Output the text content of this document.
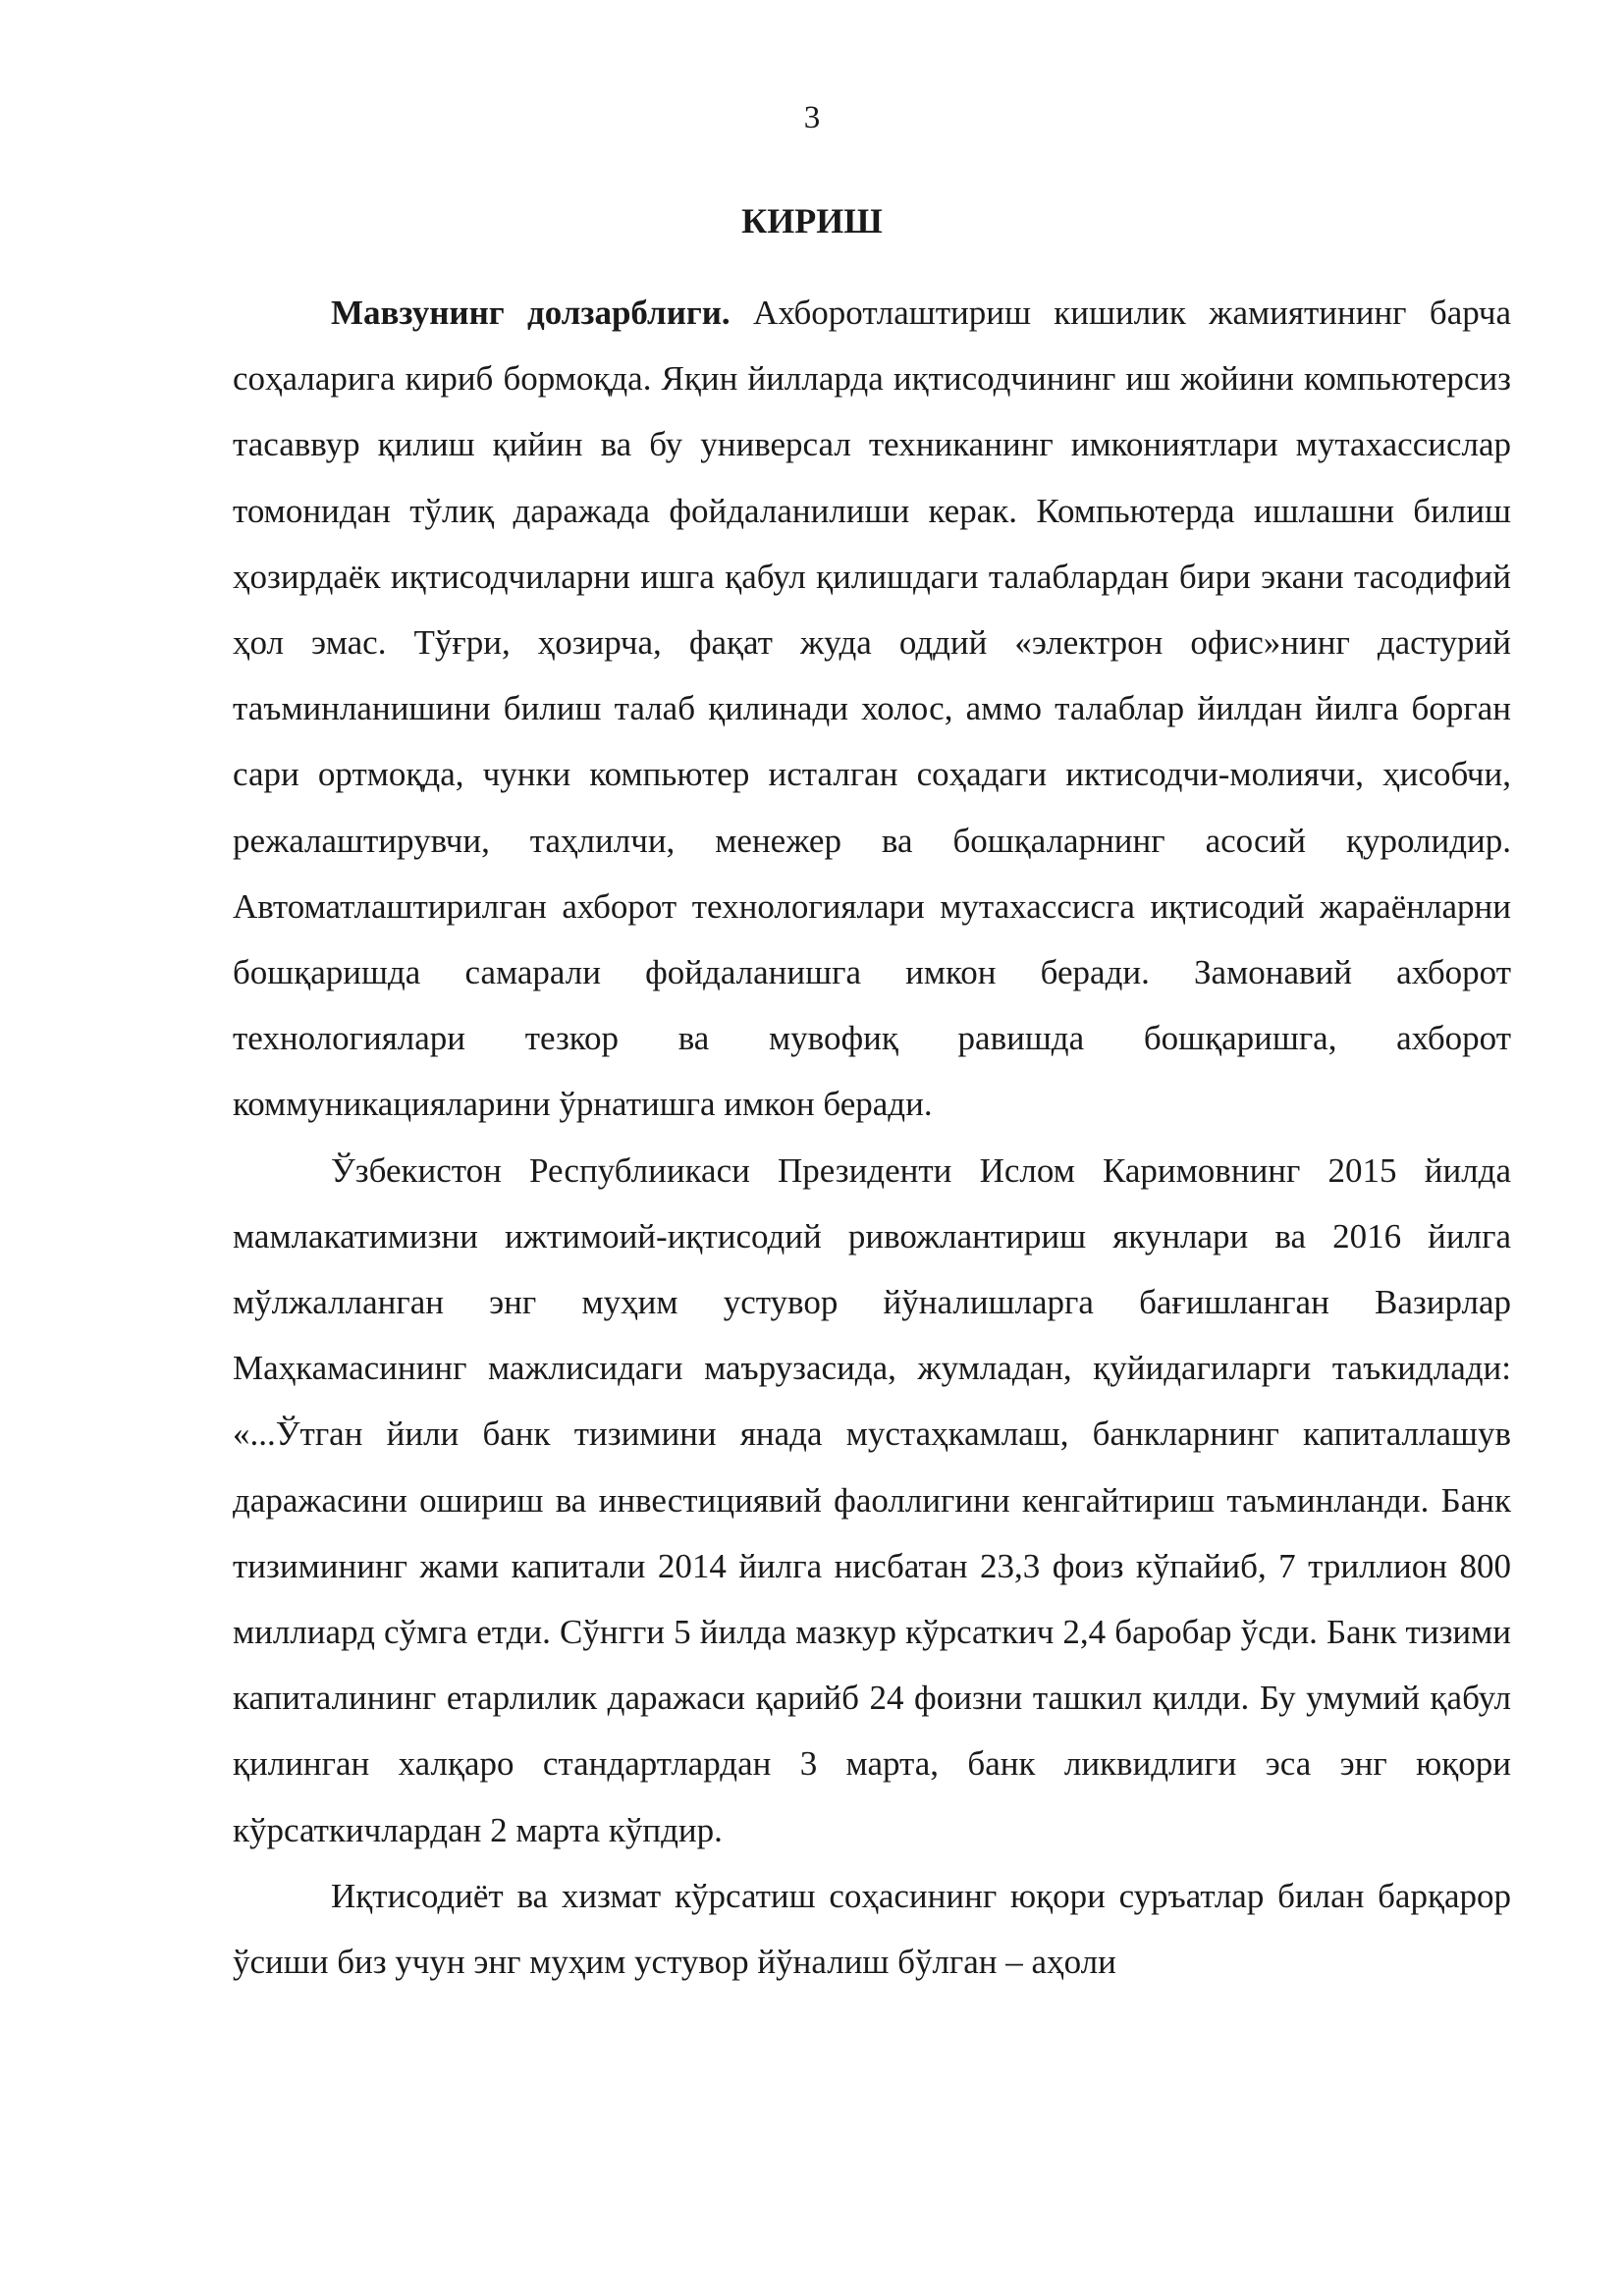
3
КИРИШ

Мавзунинг долзарблиги. Ахборотлаштириш кишилик жамиятининг барча соҳаларига кириб бормоқда. Яқин йилларда иқтисодчининг иш жойини компьютерсиз тасаввур қилиш қийин ва бу универсал техниканинг имкониятлари мутахассислар томонидан тўлиқ даражада фойдаланилиши керак. Компьютерда ишлашни билиш ҳозирдаёк иқтисодчиларни ишга қабул қилишдаги талаблардан бири экани тасодифий ҳол эмас. Тўғри, ҳозирча, фақат жуда оддий «электрон офис»нинг дастурий таъминланишини билиш талаб қилинади холос, аммо талаблар йилдан йилга борган сари ортмоқда, чунки компьютер исталган соҳадаги иктисодчи-молиячи, ҳисобчи, режалаштирувчи, таҳлилчи, менежер ва бошқаларнинг асосий қуролидир. Автоматлаштирилган ахборот технологиялари мутахассисга иқтисодий жараёнларни бошқаришда самарали фойдаланишга имкон беради. Замонавий ахборот технологиялари тезкор ва мувофиқ равишда бошқаришга, ахборот коммуникацияларини ўрнатишга имкон беради.

Ўзбекистон Республиикаси Президенти Ислом Каримовнинг 2015 йилда мамлакатимизни ижтимоий-иқтисодий ривожлантириш якунлари ва 2016 йилга мўлжалланган энг муҳим устувор йўналишларга бағишланган Вазирлар Маҳкамасининг мажлисидаги маърузасида, жумладан, қуйидагиларги таъкидлади: «...Ўтган йили банк тизимини янада мустаҳкамлаш, банкларнинг капиталлашув даражасини ошириш ва инвестициявий фаоллигини кенгайтириш таъминланди. Банк тизимининг жами капитали 2014 йилга нисбатан 23,3 фоиз кўпайиб, 7 триллион 800 миллиард сўмга етди. Сўнгги 5 йилда мазкур кўрсаткич 2,4 баробар ўсди. Банк тизими капиталининг етарлилик даражаси қарийб 24 фоизни ташкил қилди. Бу умумий қабул қилинган халқаро стандартлардан 3 марта, банк ликвидлиги эса энг юқори кўрсаткичлардан 2 марта кўпдир.

Иқтисодиёт ва хизмат кўрсатиш соҳасининг юқори суръатлар билан барқарор ўсиши биз учун энг муҳим устувор йўналиш бўлган – аҳоли
